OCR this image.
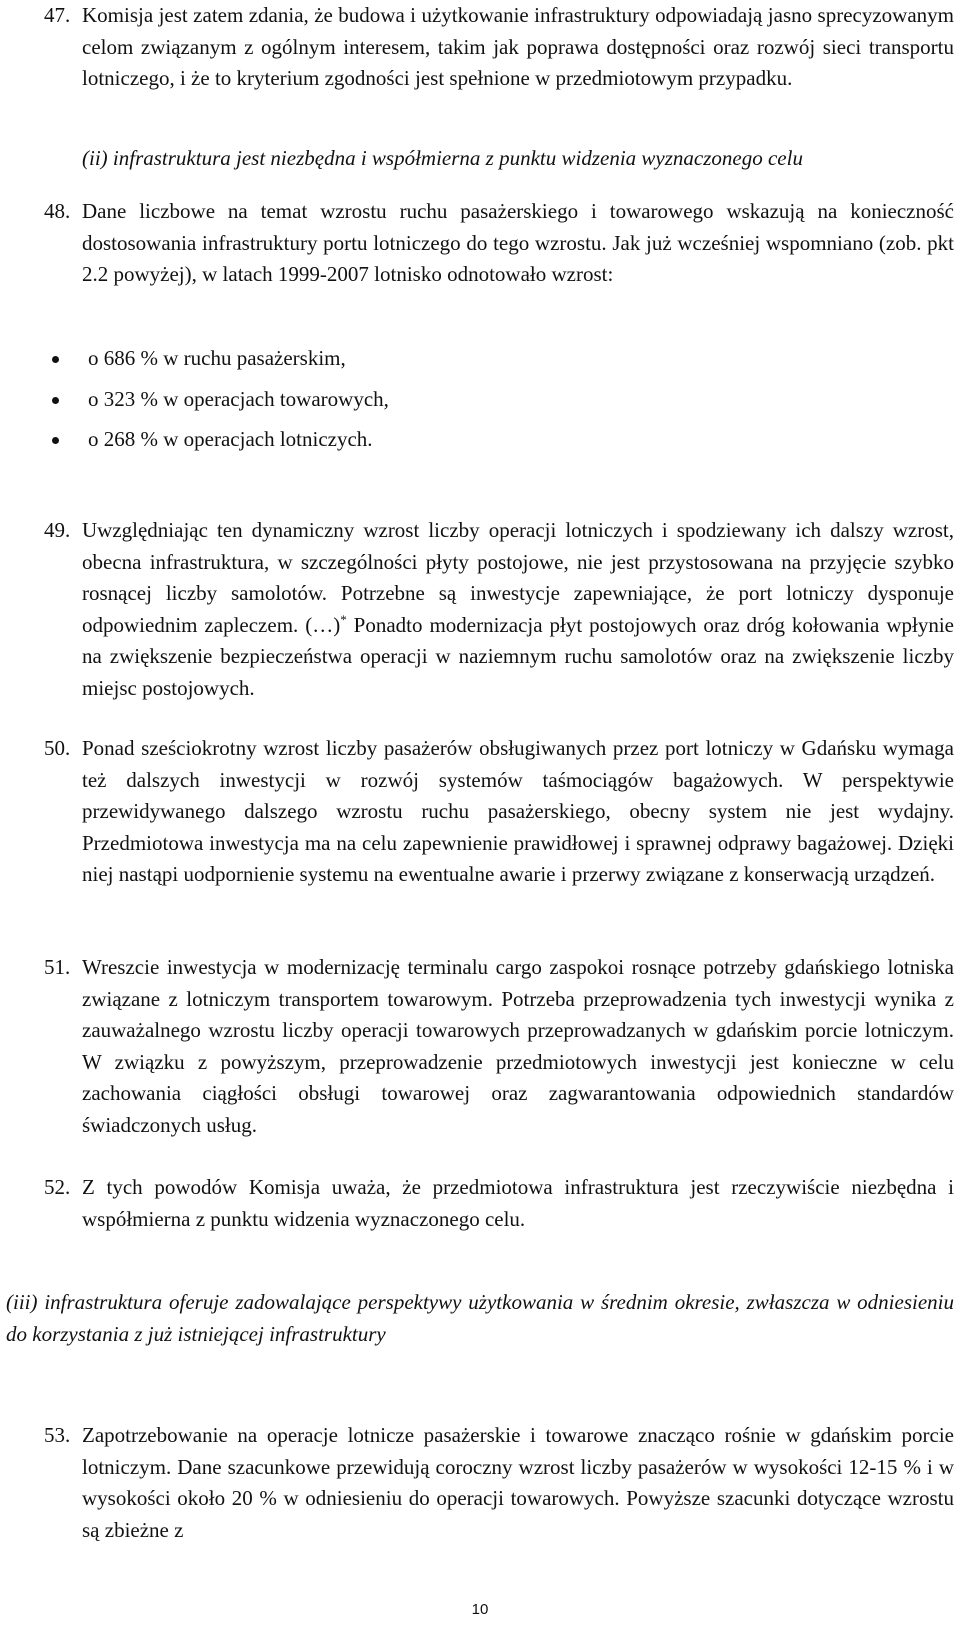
47. Komisja jest zatem zdania, że budowa i użytkowanie infrastruktury odpowiadają jasno sprecyzowanym celom związanym z ogólnym interesem, takim jak poprawa dostępności oraz rozwój sieci transportu lotniczego, i że to kryterium zgodności jest spełnione w przedmiotowym przypadku.
(ii) infrastruktura jest niezbędna i współmierna z punktu widzenia wyznaczonego celu
48. Dane liczbowe na temat wzrostu ruchu pasażerskiego i towarowego wskazują na konieczność dostosowania infrastruktury portu lotniczego do tego wzrostu. Jak już wcześniej wspomniano (zob. pkt 2.2 powyżej), w latach 1999-2007 lotnisko odnotowało wzrost:
o 686 % w ruchu pasażerskim,
o 323 % w operacjach towarowych,
o 268 % w operacjach lotniczych.
49. Uwzględniając ten dynamiczny wzrost liczby operacji lotniczych i spodziewany ich dalszy wzrost, obecna infrastruktura, w szczególności płyty postojowe, nie jest przystosowana na przyjęcie szybko rosnącej liczby samolotów. Potrzebne są inwestycje zapewniające, że port lotniczy dysponuje odpowiednim zapleczem. (…)* Ponadto modernizacja płyt postojowych oraz dróg kołowania wpłynie na zwiększenie bezpieczeństwa operacji w naziemnym ruchu samolotów oraz na zwiększenie liczby miejsc postojowych.
50. Ponad sześciokrotny wzrost liczby pasażerów obsługiwanych przez port lotniczy w Gdańsku wymaga też dalszych inwestycji w rozwój systemów taśmociągów bagażowych. W perspektywie przewidywanego dalszego wzrostu ruchu pasażerskiego, obecny system nie jest wydajny. Przedmiotowa inwestycja ma na celu zapewnienie prawidłowej i sprawnej odprawy bagażowej. Dzięki niej nastąpi uodpornienie systemu na ewentualne awarie i przerwy związane z konserwacją urządzeń.
51. Wreszcie inwestycja w modernizację terminalu cargo zaspokoi rosnące potrzeby gdańskiego lotniska związane z lotniczym transportem towarowym. Potrzeba przeprowadzenia tych inwestycji wynika z zauważalnego wzrostu liczby operacji towarowych przeprowadzanych w gdańskim porcie lotniczym. W związku z powyższym, przeprowadzenie przedmiotowych inwestycji jest konieczne w celu zachowania ciągłości obsługi towarowej oraz zagwarantowania odpowiednich standardów świadczonych usług.
52. Z tych powodów Komisja uważa, że przedmiotowa infrastruktura jest rzeczywiście niezbędna i współmierna z punktu widzenia wyznaczonego celu.
(iii) infrastruktura oferuje zadowalające perspektywy użytkowania w średnim okresie, zwłaszcza w odniesieniu do korzystania z już istniejącej infrastruktury
53. Zapotrzebowanie na operacje lotnicze pasażerskie i towarowe znacząco rośnie w gdańskim porcie lotniczym. Dane szacunkowe przewidują coroczny wzrost liczby pasażerów w wysokości 12-15 % i w wysokości około 20 % w odniesieniu do operacji towarowych. Powyższe szacunki dotyczące wzrostu są zbieżne z
10
